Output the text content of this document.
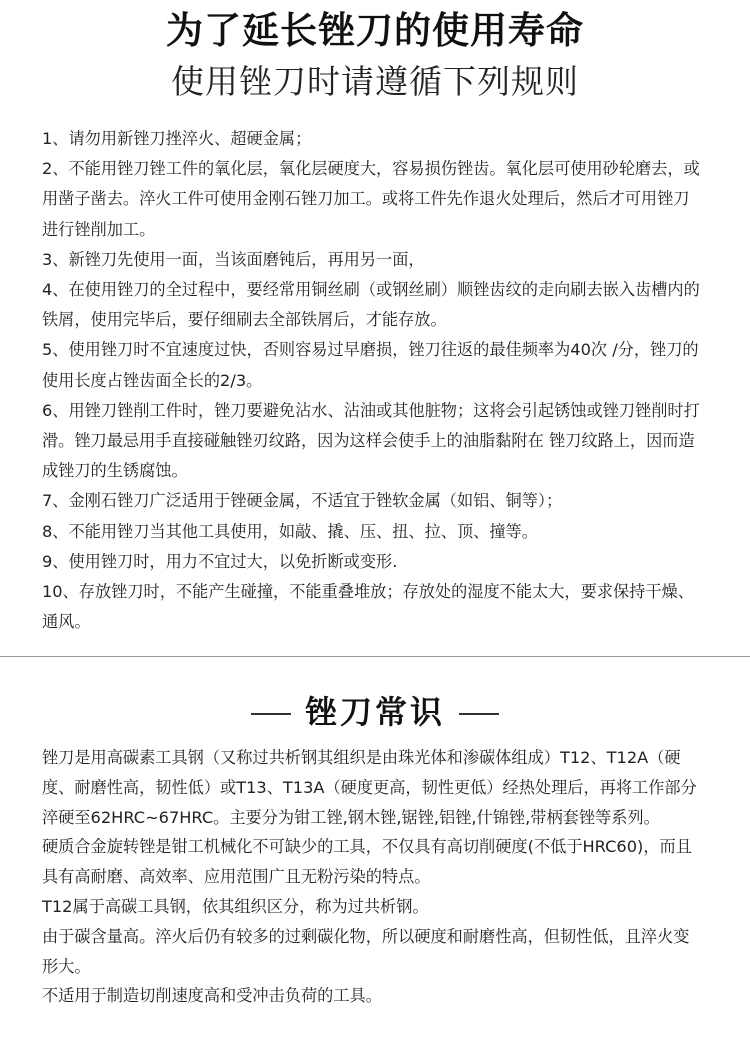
为了延长锉刀的使用寿命
使用锉刀时请遵循下列规则

1、请勿用新锉刀挫淬火、超硬金属；

2、不能用锉刀锉工件的氧化层，氧化层硬度大，容易损伤锉齿。氧化层可使用砂轮磨去，或用凿子凿去。淬火工件可使用金刚石锉刀加工。或将工件先作退火处理后，然后才可用锉刀进行锉削加工。

3、新锉刀先使用一面，当该面磨钝后，再用另一面，

4、在使用锉刀的全过程中，要经常用铜丝刷（或钢丝刷）顺锉齿纹的走向刷去嵌入齿槽内的铁屑，使用完毕后，要仔细刷去全部铁屑后，才能存放。

5、使用锉刀时不宜速度过快，否则容易过早磨损，锉刀往返的最佳频率为40次 /分，锉刀的使用长度占锉齿面全长的2/3。

6、用锉刀锉削工件时，锉刀要避免沾水、沾油或其他脏物；这将会引起锈蚀或锉刀锉削时打滑。锉刀最忌用手直接碰触锉刃纹路，因为这样会使手上的油脂黏附在 锉刀纹路上，因而造成锉刀的生锈腐蚀。

7、金刚石锉刀广泛适用于锉硬金属，不适宜于锉软金属（如铝、铜等）；

8、不能用锉刀当其他工具使用，如敲、撬、压、扭、拉、顶、撞等。

9、使用锉刀时，用力不宜过大，以免折断或变形.

10、存放锉刀时，不能产生碰撞，不能重叠堆放；存放处的湿度不能太大，要求保持干燥、通风。

锉刀常识

锉刀是用高碳素工具钢（又称过共析钢其组织是由珠光体和渗碳体组成）T12、T12A（硬度、耐磨性高，韧性低）或T13、T13A（硬度更高，韧性更低）经热处理后，再将工作部分淬硬至62HRC~67HRC。主要分为钳工锉,钢木锉,锯锉,铝锉,什锦锉,带柄套锉等系列。

硬质合金旋转锉是钳工机械化不可缺少的工具，不仅具有高切削硬度(不低于HRC60)，而且具有高耐磨、高效率、应用范围广且无粉污染的特点。

T12属于高碳工具钢，依其组织区分，称为过共析钢。

由于碳含量高。淬火后仍有较多的过剩碳化物，所以硬度和耐磨性高，但韧性低，且淬火变形大。

不适用于制造切削速度高和受冲击负荷的工具。
